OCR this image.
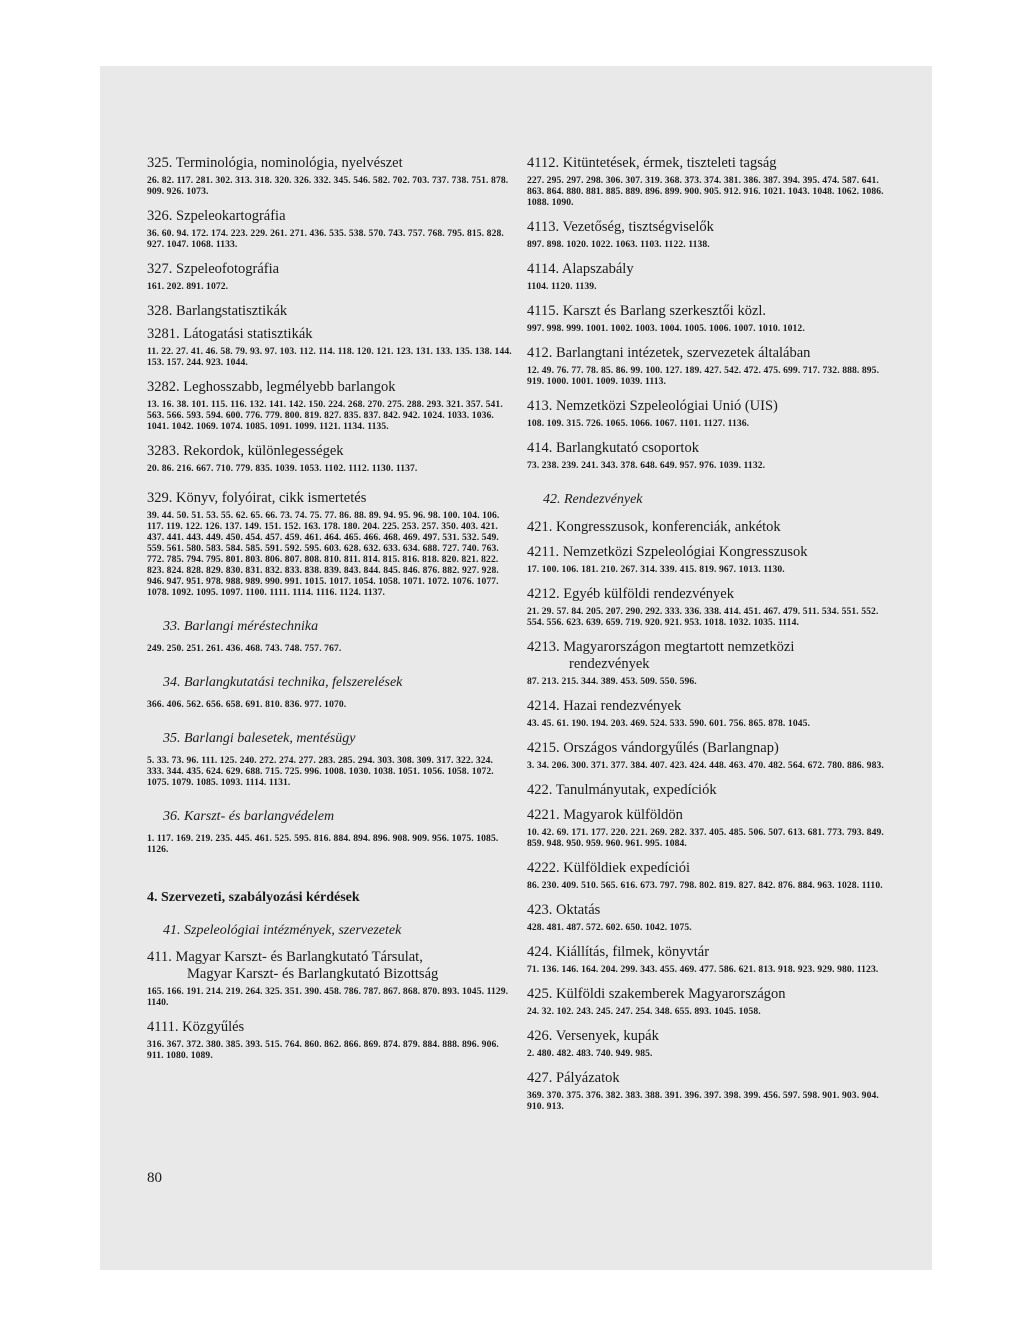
325. Terminológia, nominológia, nyelvészet

26. 82. 117. 281. 302. 313. 318. 320. 326. 332. 345. 546. 582. 702. 703. 737. 738. 751. 878. 909. 926. 1073.

326. Szpeleokartográfia

36. 60. 94. 172. 174. 223. 229. 261. 271. 436. 535. 538. 570. 743. 757. 768. 795. 815. 828. 927. 1047. 1068. 1133.

327. Szpeleofotográfia

161. 202. 891. 1072.

328. Barlangstatisztikák

3281. Látogatási statisztikák

11. 22. 27. 41. 46. 58. 79. 93. 97. 103. 112. 114. 118. 120. 121. 123. 131. 133. 135. 138. 144. 153. 157. 244. 923. 1044.

3282. Leghosszabb, legmélyebb barlangok

13. 16. 38. 101. 115. 116. 132. 141. 142. 150. 224. 268. 270. 275. 288. 293. 321. 357. 541. 563. 566. 593. 594. 600. 776. 779. 800. 819. 827. 835. 837. 842. 942. 1024. 1033. 1036. 1041. 1042. 1069. 1074. 1085. 1091. 1099. 1121. 1134. 1135.

3283. Rekordok, különlegességek

20. 86. 216. 667. 710. 779. 835. 1039. 1053. 1102. 1112. 1130. 1137.

329. Könyv, folyóirat, cikk ismertetés

39. 44. 50. 51. 53. 55. 62. 65. 66. 73. 74. 75. 77. 86. 88. 89. 94. 95. 96. 98. 100. 104. 106. 117. 119. 122. 126. 137. 149. 151. 152. 163. 178. 180. 204. 225. 253. 257. 350. 403. 421. 437. 441. 443. 449. 450. 454. 457. 459. 461. 464. 465. 466. 468. 469. 497. 531. 532. 549. 559. 561. 580. 583. 584. 585. 591. 592. 595. 603. 628. 632. 633. 634. 688. 727. 740. 763. 772. 785. 794. 795. 801. 803. 806. 807. 808. 810. 811. 814. 815. 816. 818. 820. 821. 822. 823. 824. 828. 829. 830. 831. 832. 833. 838. 839. 843. 844. 845. 846. 876. 882. 927. 928. 946. 947. 951. 978. 988. 989. 990. 991. 1015. 1017. 1054. 1058. 1071. 1072. 1076. 1077. 1078. 1092. 1095. 1097. 1100. 1111. 1114. 1116. 1124. 1137.

33. Barlangi méréstechnika

249. 250. 251. 261. 436. 468. 743. 748. 757. 767.

34. Barlangkutatási technika, felszerelések

366. 406. 562. 656. 658. 691. 810. 836. 977. 1070.

35. Barlangi balesetek, mentésügy

5. 33. 73. 96. 111. 125. 240. 272. 274. 277. 283. 285. 294. 303. 308. 309. 317. 322. 324. 333. 344. 435. 624. 629. 688. 715. 725. 996. 1008. 1030. 1038. 1051. 1056. 1058. 1072. 1075. 1079. 1085. 1093. 1114. 1131.

36. Karszt- és barlangvédelem

1. 117. 169. 219. 235. 445. 461. 525. 595. 816. 884. 894. 896. 908. 909. 956. 1075. 1085. 1126.

4. Szervezeti, szabályozási kérdések

41. Szpeleológiai intézmények, szervezetek

411. Magyar Karszt- és Barlangkutató Társulat,

Magyar Karszt- és Barlangkutató Bizottság

165. 166. 191. 214. 219. 264. 325. 351. 390. 458. 786. 787. 867. 868. 870. 893. 1045. 1129. 1140.

4111. Közgyűlés

316. 367. 372. 380. 385. 393. 515. 764. 860. 862. 866. 869. 874. 879. 884. 888. 896. 906. 911. 1080. 1089.

4112. Kitüntetések, érmek, tiszteleti tagság

227. 295. 297. 298. 306. 307. 319. 368. 373. 374. 381. 386. 387. 394. 395. 474. 587. 641. 863. 864. 880. 881. 885. 889. 896. 899. 900. 905. 912. 916. 1021. 1043. 1048. 1062. 1086. 1088. 1090.

4113. Vezetőség, tisztségviselők

897. 898. 1020. 1022. 1063. 1103. 1122. 1138.

4114. Alapszabály

1104. 1120. 1139.

4115. Karszt és Barlang szerkesztői közl.

997. 998. 999. 1001. 1002. 1003. 1004. 1005. 1006. 1007. 1010. 1012.

412. Barlangtani intézetek, szervezetek általában

12. 49. 76. 77. 78. 85. 86. 99. 100. 127. 189. 427. 542. 472. 475. 699. 717. 732. 888. 895. 919. 1000. 1001. 1009. 1039. 1113.

413. Nemzetközi Szpeleológiai Unió (UIS)

108. 109. 315. 726. 1065. 1066. 1067. 1101. 1127. 1136.

414. Barlangkutató csoportok

73. 238. 239. 241. 343. 378. 648. 649. 957. 976. 1039. 1132.

42. Rendezvények

421. Kongresszusok, konferenciák, ankétok

4211. Nemzetközi Szpeleológiai Kongresszusok

17. 100. 106. 181. 210. 267. 314. 339. 415. 819. 967. 1013. 1130.

4212. Egyéb külföldi rendezvények

21. 29. 57. 84. 205. 207. 290. 292. 333. 336. 338. 414. 451. 467. 479. 511. 534. 551. 552. 554. 556. 623. 639. 659. 719. 920. 921. 953. 1018. 1032. 1035. 1114.

4213. Magyarországon megtartott nemzetközi

rendezvények

87. 213. 215. 344. 389. 453. 509. 550. 596.

4214. Hazai rendezvények

43. 45. 61. 190. 194. 203. 469. 524. 533. 590. 601. 756. 865. 878. 1045.

4215. Országos vándorgyűlés (Barlangnap)

3. 34. 206. 300. 371. 377. 384. 407. 423. 424. 448. 463. 470. 482. 564. 672. 780. 886. 983.

422. Tanulmányutak, expedíciók

4221. Magyarok külföldön

10. 42. 69. 171. 177. 220. 221. 269. 282. 337. 405. 485. 506. 507. 613. 681. 773. 793. 849. 859. 948. 950. 959. 960. 961. 995. 1084.

4222. Külföldiek expedíciói

86. 230. 409. 510. 565. 616. 673. 797. 798. 802. 819. 827. 842. 876. 884. 963. 1028. 1110.

423. Oktatás

428. 481. 487. 572. 602. 650. 1042. 1075.

424. Kiállítás, filmek, könyvtár

71. 136. 146. 164. 204. 299. 343. 455. 469. 477. 586. 621. 813. 918. 923. 929. 980. 1123.

425. Külföldi szakemberek Magyarországon

24. 32. 102. 243. 245. 247. 254. 348. 655. 893. 1045. 1058.

426. Versenyek, kupák

2. 480. 482. 483. 740. 949. 985.

427. Pályázatok

369. 370. 375. 376. 382. 383. 388. 391. 396. 397. 398. 399. 456. 597. 598. 901. 903. 904. 910. 913.

80
